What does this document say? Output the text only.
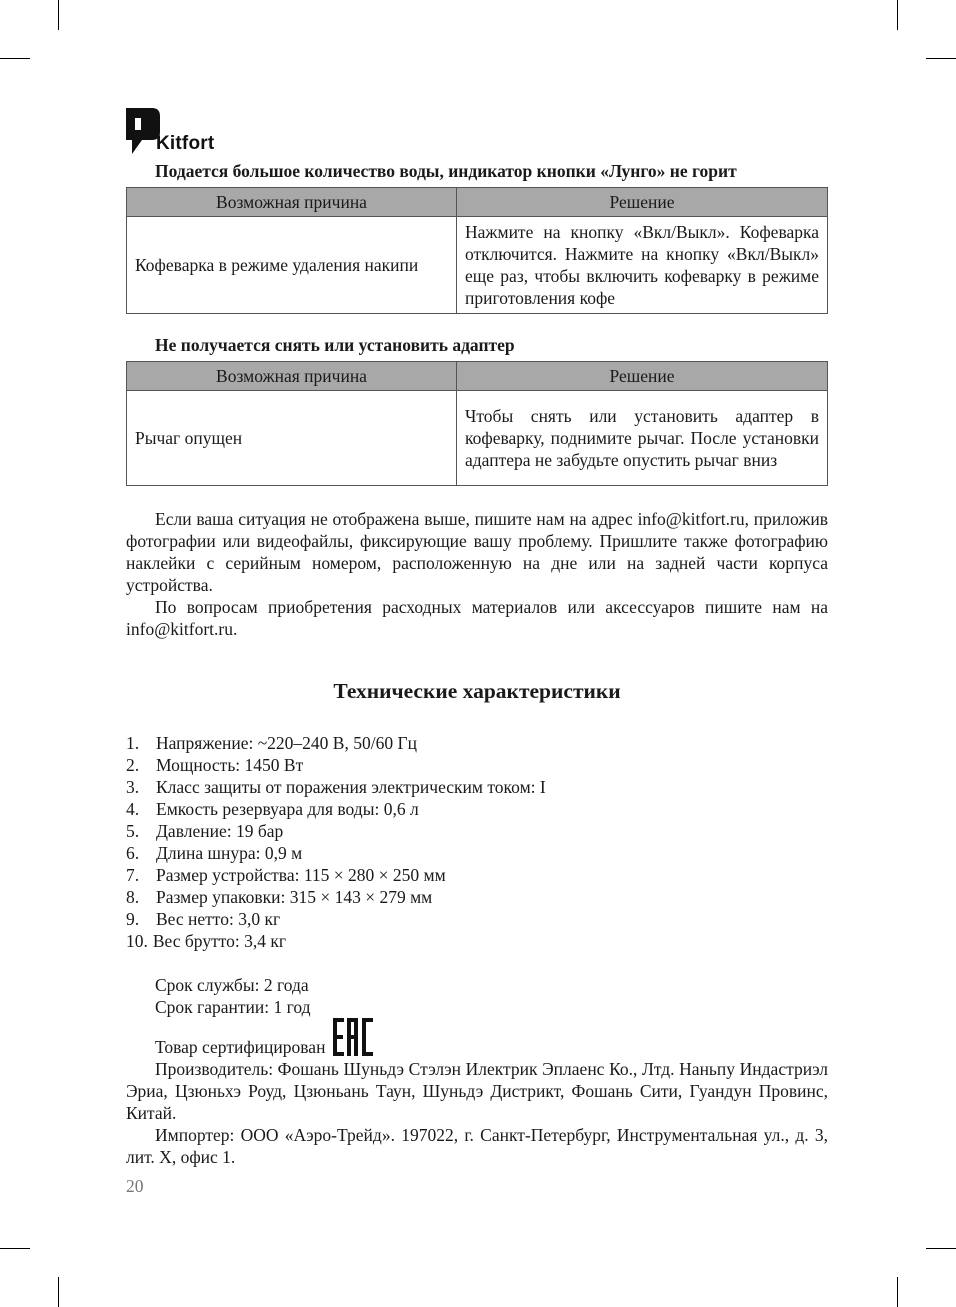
Kitfort
Подается большое количество воды, индикатор кнопки «Лунго» не горит
Возможная причина	Решение
Кофеварка в режиме удаления накипи	Нажмите на кнопку «Вкл/Выкл». Кофеварка отключится. Нажмите на кнопку «Вкл/Выкл» еще раз, чтобы включить кофеварку в режиме приготовления кофе
Не получается снять или установить адаптер
Возможная причина	Решение
Рычаг опущен	Чтобы снять или установить адаптер в кофеварку, поднимите рычаг. После установки адаптера не забудьте опустить рычаг вниз

Если ваша ситуация не отображена выше, пишите нам на адрес info@kitfort.ru, приложив фотографии или видеофайлы, фиксирующие вашу проблему. Пришлите также фотографию наклейки с серийным номером, расположенную на дне или на задней части корпуса устройства.

По вопросам приобретения расходных материалов или аксессуаров пишите нам на info@kitfort.ru.

Технические характеристики
1. Напряжение: ~220–240 В, 50/60 Гц
2. Мощность: 1450 Вт
3. Класс защиты от поражения электрическим током: I
4. Емкость резервуара для воды: 0,6 л
5. Давление: 19 бар
6. Длина шнура: 0,9 м
7. Размер устройства: 115 × 280 × 250 мм
8. Размер упаковки: 315 × 143 × 279 мм
9. Вес нетто: 3,0 кг
10. Вес брутто: 3,4 кг
Срок службы: 2 года
Срок гарантии: 1 год
Товар сертифицирован

Производитель: Фошань Шуньдэ Стэлэн Илектрик Эплаенс Ко., Лтд. Наньпу Индастриэл Эриа, Цзюньхэ Роуд, Цзюньань Таун, Шуньдэ Дистрикт, Фошань Сити, Гуандун Провинс, Китай.

Импортер: ООО «Аэро-Трейд». 197022, г. Санкт-Петербург, Инструментальная ул., д. 3, лит. Х, офис 1.

20
